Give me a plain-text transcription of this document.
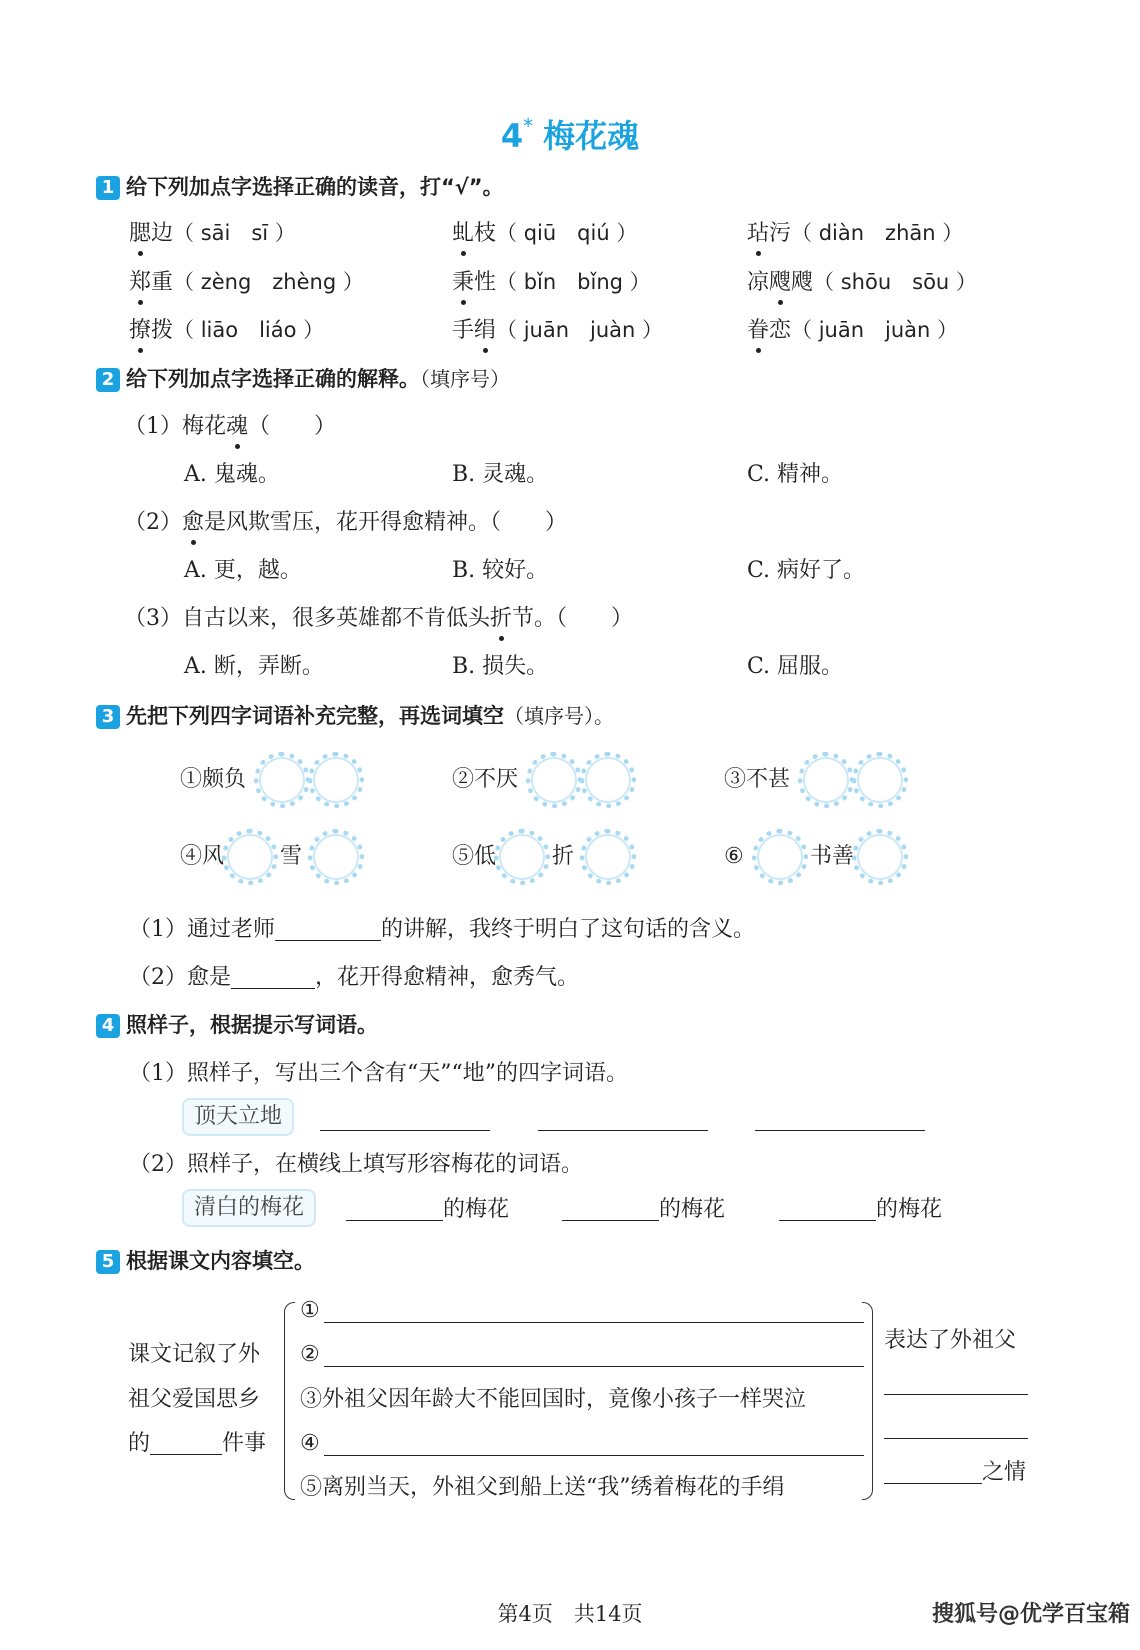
4* 梅花魂
1 给下列加点字选择正确的读音，打“√”。
腮边（ sāi　sī ）	虬枝（ qiū　qiú ）	玷污（ diàn　zhān ）
郑重（ zèng　zhèng ）	秉性（ bǐn　bǐng ）	凉飕飕（ shōu　sōu ）
撩拨（ liāo　liáo ）	手绢（ juān　juàn ）	眷恋（ juān　juàn ）
2 给下列加点字选择正确的解释。（填序号）
（1）梅花魂（　　）
A. 鬼魂。	B. 灵魂。	C. 精神。
（2）愈是风欺雪压，花开得愈精神。（　　）
A. 更，越。	B. 较好。	C. 病好了。
（3）自古以来，很多英雄都不肯低头折节。（　　）
A. 断，弄断。	B. 损失。	C. 屈服。
3 先把下列四字词语补充完整，再选词填空（填序号）。
①颇负	②不厌	③不甚
④风	雪	⑤低	折	⑥	书善
（1）通过老师	的讲解，我终于明白了这句话的含义。
（2）愈是	，花开得愈精神，愈秀气。
4 照样子，根据提示写词语。
（1）照样子，写出三个含有“天”“地”的四字词语。
顶天立地
（2）照样子，在横线上填写形容梅花的词语。
清白的梅花	的梅花	的梅花	的梅花
5 根据课文内容填空。
课文记叙了外
祖父爱国思乡
的	件事
①
②
③外祖父因年龄大不能回国时，竟像小孩子一样哭泣
④
⑤离别当天，外祖父到船上送“我”绣着梅花的手绢
表达了外祖父
之情
第4页　共14页	搜狐号@优学百宝箱
